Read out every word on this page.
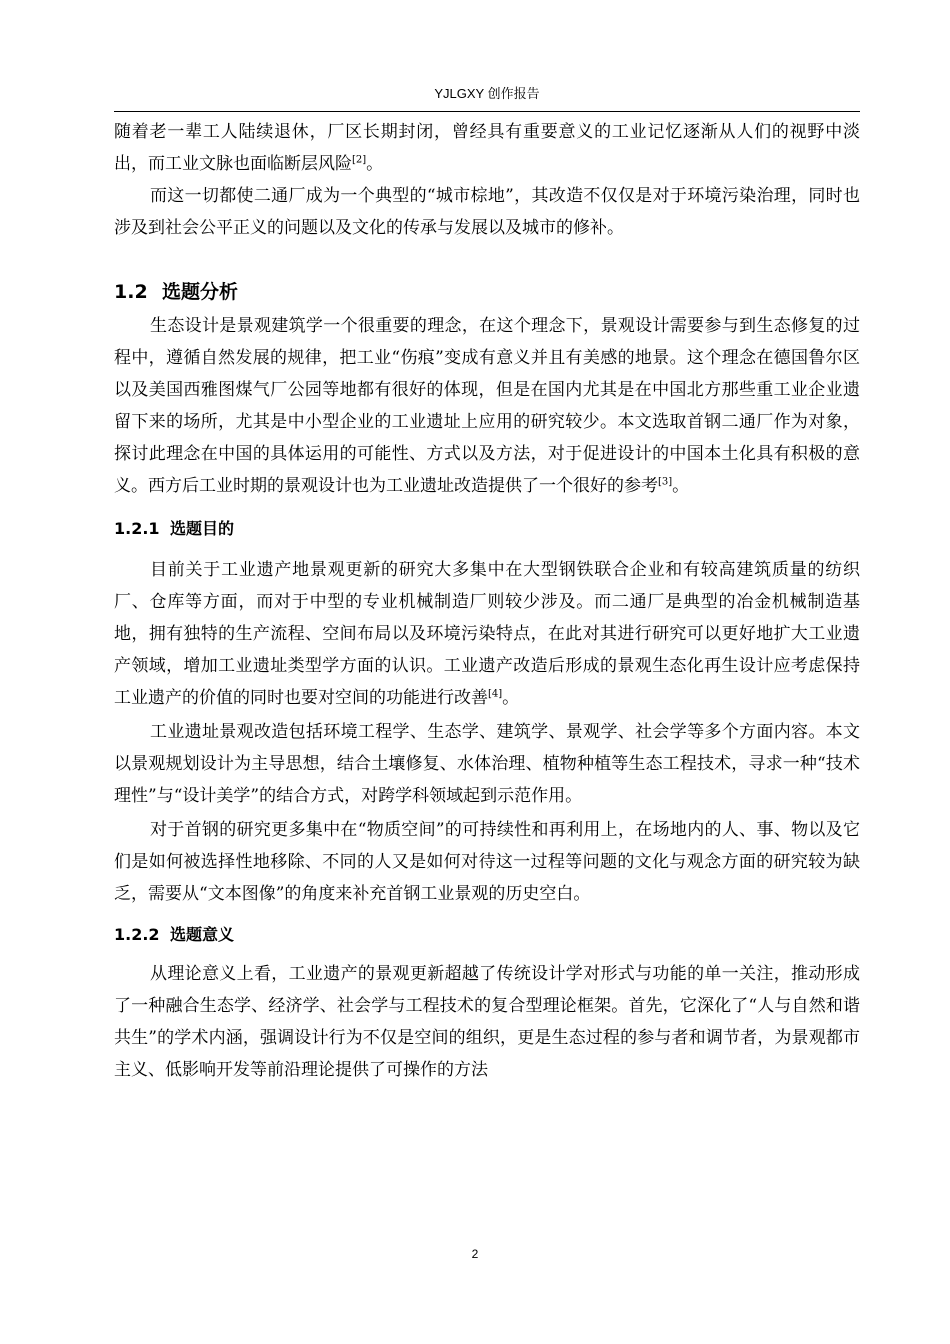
YJLGXY 创作报告

随着老一辈工人陆续退休，厂区长期封闭，曾经具有重要意义的工业记忆逐渐从人们的视野中淡出，而工业文脉也面临断层风险[2]。

而这一切都使二通厂成为一个典型的“城市棕地”，其改造不仅仅是对于环境污染治理，同时也涉及到社会公平正义的问题以及文化的传承与发展以及城市的修补。

1.2 选题分析

生态设计是景观建筑学一个很重要的理念，在这个理念下，景观设计需要参与到生态修复的过程中，遵循自然发展的规律，把工业“伤痕”变成有意义并且有美感的地景。这个理念在德国鲁尔区以及美国西雅图煤气厂公园等地都有很好的体现，但是在国内尤其是在中国北方那些重工业企业遗留下来的场所，尤其是中小型企业的工业遗址上应用的研究较少。本文选取首钢二通厂作为对象，探讨此理念在中国的具体运用的可能性、方式以及方法，对于促进设计的中国本土化具有积极的意义。西方后工业时期的景观设计也为工业遗址改造提供了一个很好的参考[3]。

1.2.1 选题目的

目前关于工业遗产地景观更新的研究大多集中在大型钢铁联合企业和有较高建筑质量的纺织厂、仓库等方面，而对于中型的专业机械制造厂则较少涉及。而二通厂是典型的冶金机械制造基地，拥有独特的生产流程、空间布局以及环境污染特点，在此对其进行研究可以更好地扩大工业遗产领域，增加工业遗址类型学方面的认识。工业遗产改造后形成的景观生态化再生设计应考虑保持工业遗产的价值的同时也要对空间的功能进行改善[4]。

工业遗址景观改造包括环境工程学、生态学、建筑学、景观学、社会学等多个方面内容。本文以景观规划设计为主导思想，结合土壤修复、水体治理、植物种植等生态工程技术，寻求一种“技术理性”与“设计美学”的结合方式，对跨学科领域起到示范作用。

对于首钢的研究更多集中在“物质空间”的可持续性和再利用上，在场地内的人、事、物以及它们是如何被选择性地移除、不同的人又是如何对待这一过程等问题的文化与观念方面的研究较为缺乏，需要从“文本图像”的角度来补充首钢工业景观的历史空白。

1.2.2 选题意义

从理论意义上看，工业遗产的景观更新超越了传统设计学对形式与功能的单一关注，推动形成了一种融合生态学、经济学、社会学与工程技术的复合型理论框架。首先，它深化了“人与自然和谐共生”的学术内涵，强调设计行为不仅是空间的组织，更是生态过程的参与者和调节者，为景观都市主义、低影响开发等前沿理论提供了可操作的方法

2
